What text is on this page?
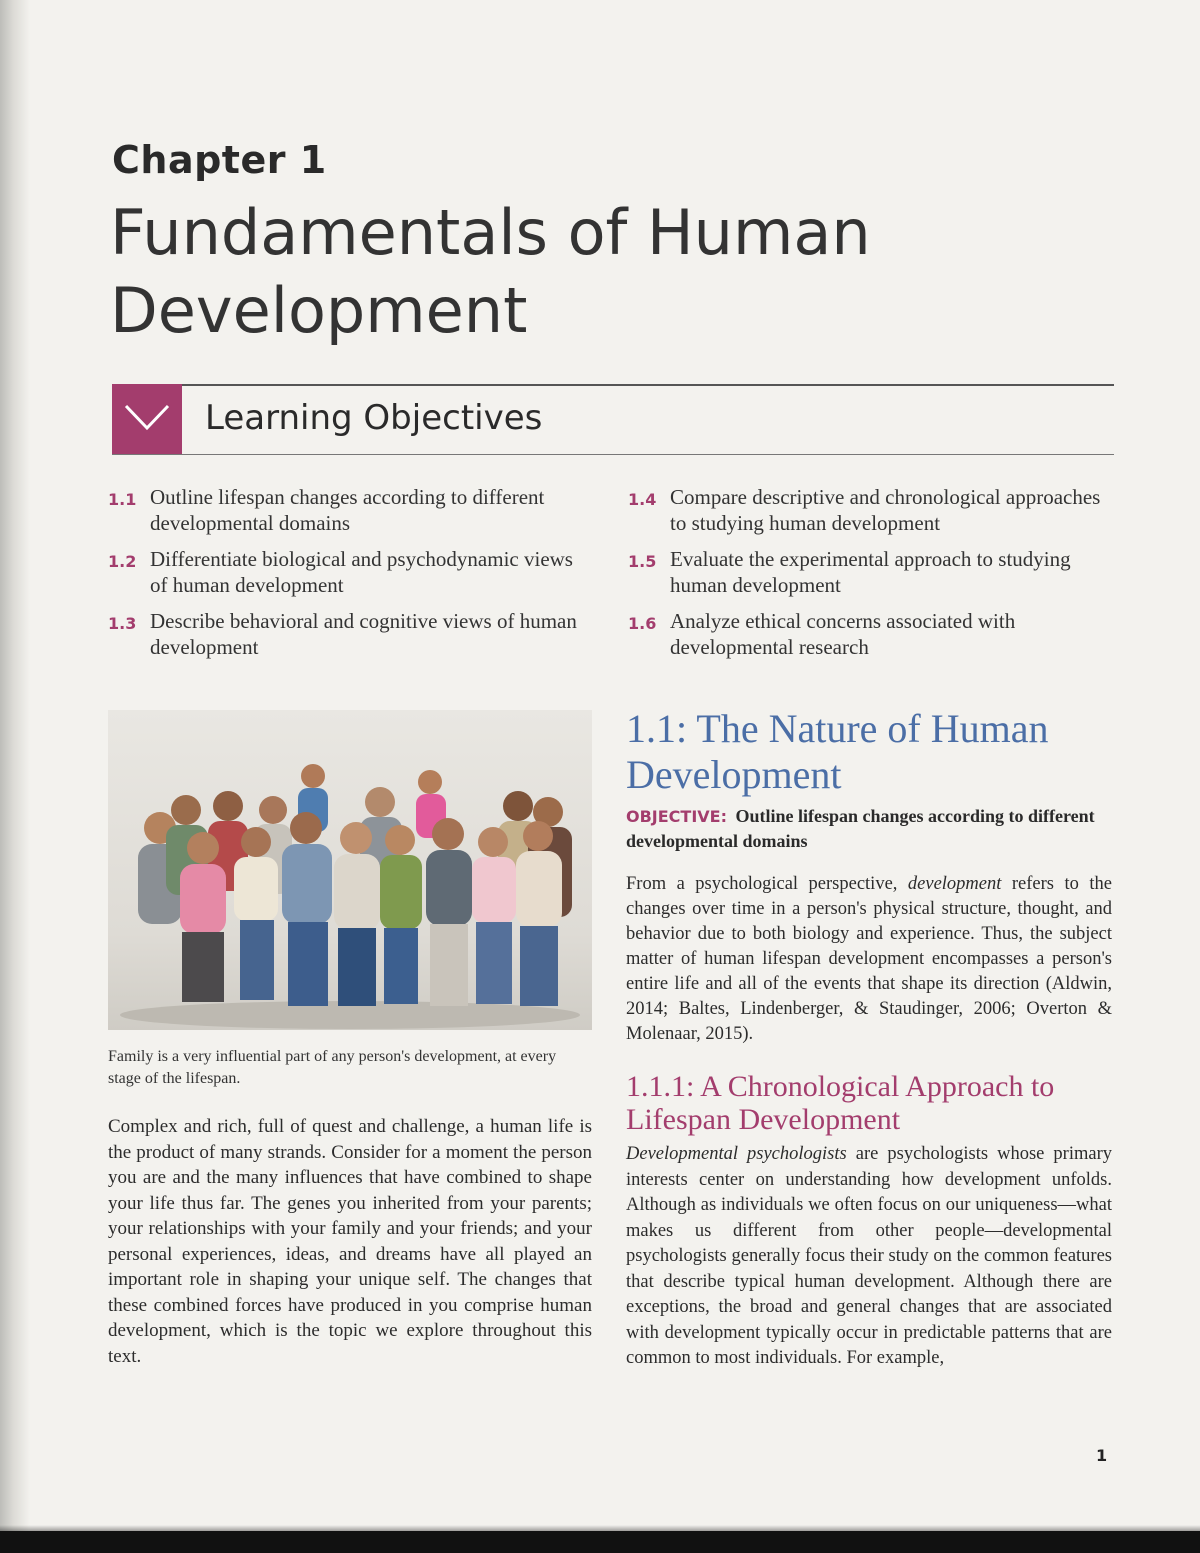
Chapter 1
Fundamentals of Human Development
Learning Objectives
1.1 Outline lifespan changes according to different developmental domains
1.2 Differentiate biological and psychodynamic views of human development
1.3 Describe behavioral and cognitive views of human development
1.4 Compare descriptive and chronological approaches to studying human development
1.5 Evaluate the experimental approach to studying human development
1.6 Analyze ethical concerns associated with developmental research
Family is a very influential part of any person's development, at every stage of the lifespan.
Complex and rich, full of quest and challenge, a human life is the product of many strands. Consider for a moment the person you are and the many influences that have combined to shape your life thus far. The genes you inherited from your parents; your relationships with your family and your friends; and your personal experiences, ideas, and dreams have all played an important role in shaping your unique self. The changes that these combined forces have produced in you comprise human development, which is the topic we explore throughout this text.
1.1: The Nature of Human Development
OBJECTIVE: Outline lifespan changes according to different developmental domains
From a psychological perspective, development refers to the changes over time in a person's physical structure, thought, and behavior due to both biology and experience. Thus, the subject matter of human lifespan development encompasses a person's entire life and all of the events that shape its direction (Aldwin, 2014; Baltes, Lindenberger, & Staudinger, 2006; Overton & Molenaar, 2015).
1.1.1: A Chronological Approach to Lifespan Development
Developmental psychologists are psychologists whose primary interests center on understanding how development unfolds. Although as individuals we often focus on our uniqueness—what makes us different from other people—developmental psychologists generally focus their study on the common features that describe typical human development. Although there are exceptions, the broad and general changes that are associated with development typically occur in predictable patterns that are common to most individuals. For example,
1
